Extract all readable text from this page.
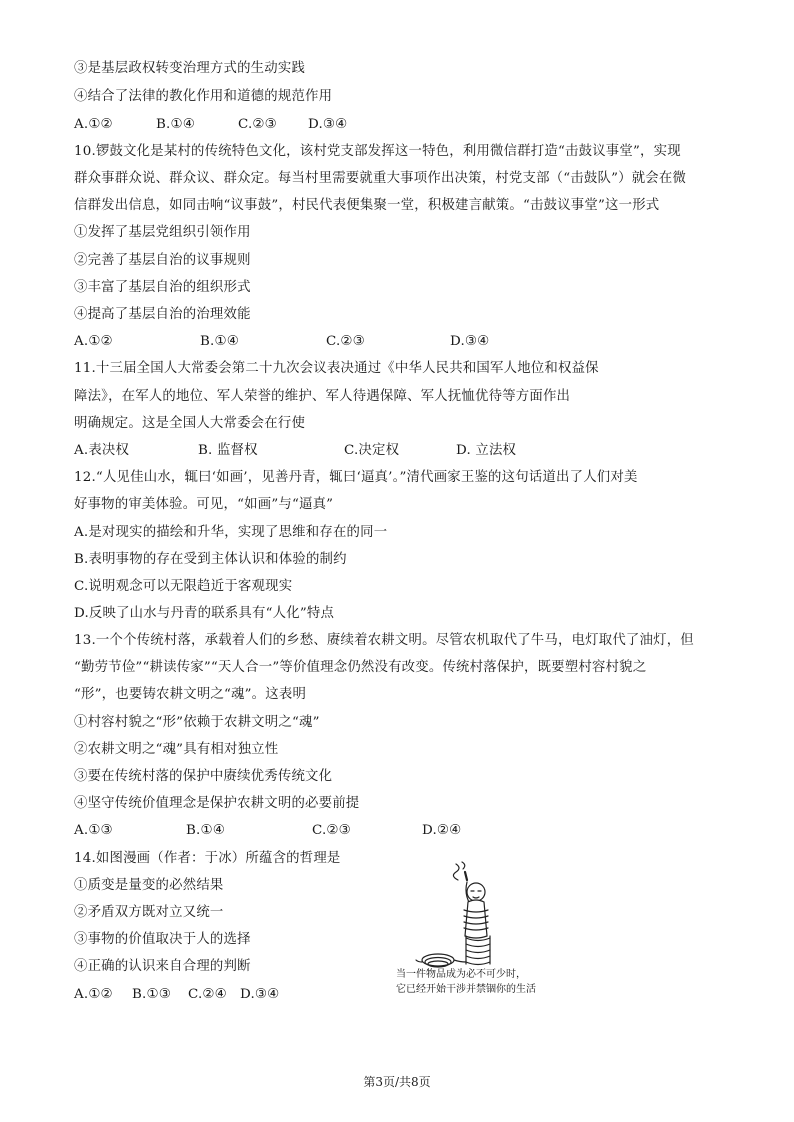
③是基层政权转变治理方式的生动实践
④结合了法律的教化作用和道德的规范作用
A.①②	B.①④	C.②③	D.③④
10.锣鼓文化是某村的传统特色文化，该村党支部发挥这一特色，利用微信群打造“击鼓议事堂”，实现
群众事群众说、群众议、群众定。每当村里需要就重大事项作出决策，村党支部（“击鼓队”）就会在微
信群发出信息，如同击响“议事鼓”，村民代表便集聚一堂，积极建言献策。“击鼓议事堂”这一形式
①发挥了基层党组织引领作用
②完善了基层自治的议事规则
③丰富了基层自治的组织形式
④提高了基层自治的治理效能
A.①②	B.①④	C.②③	D.③④
11.十三届全国人大常委会第二十九次会议表决通过《中华人民共和国军人地位和权益保
障法》，在军人的地位、军人荣誉的维护、军人待遇保障、军人抚恤优待等方面作出
明确规定。这是全国人大常委会在行使
A.表决权	B. 监督权	C.决定权	D. 立法权
12.“人见佳山水，辄曰‘如画’，见善丹青，辄曰‘逼真’。”清代画家王鉴的这句话道出了人们对美
好事物的审美体验。可见，“如画”与“逼真”
A.是对现实的描绘和升华，实现了思维和存在的同一
B.表明事物的存在受到主体认识和体验的制约
C.说明观念可以无限趋近于客观现实
D.反映了山水与丹青的联系具有“人化”特点
13.一个个传统村落，承载着人们的乡愁、赓续着农耕文明。尽管农机取代了牛马，电灯取代了油灯，但
“勤劳节俭”“耕读传家”“天人合一”等价值理念仍然没有改变。传统村落保护，既要塑村容村貌之
“形”，也要铸农耕文明之“魂”。这表明
①村容村貌之“形”依赖于农耕文明之“魂”
②农耕文明之“魂”具有相对独立性
③要在传统村落的保护中赓续优秀传统文化
④坚守传统价值理念是保护农耕文明的必要前提
A.①③	B.①④	C.②③	D.②④
14.如图漫画（作者：于冰）所蕴含的哲理是
①质变是量变的必然结果
②矛盾双方既对立又统一
③事物的价值取决于人的选择
④正确的认识来自合理的判断
A.①②	B.①③	C.②④ D.③④
当一件物品成为必不可少时，
它已经开始干涉并禁锢你的生活
第3页/共8页
